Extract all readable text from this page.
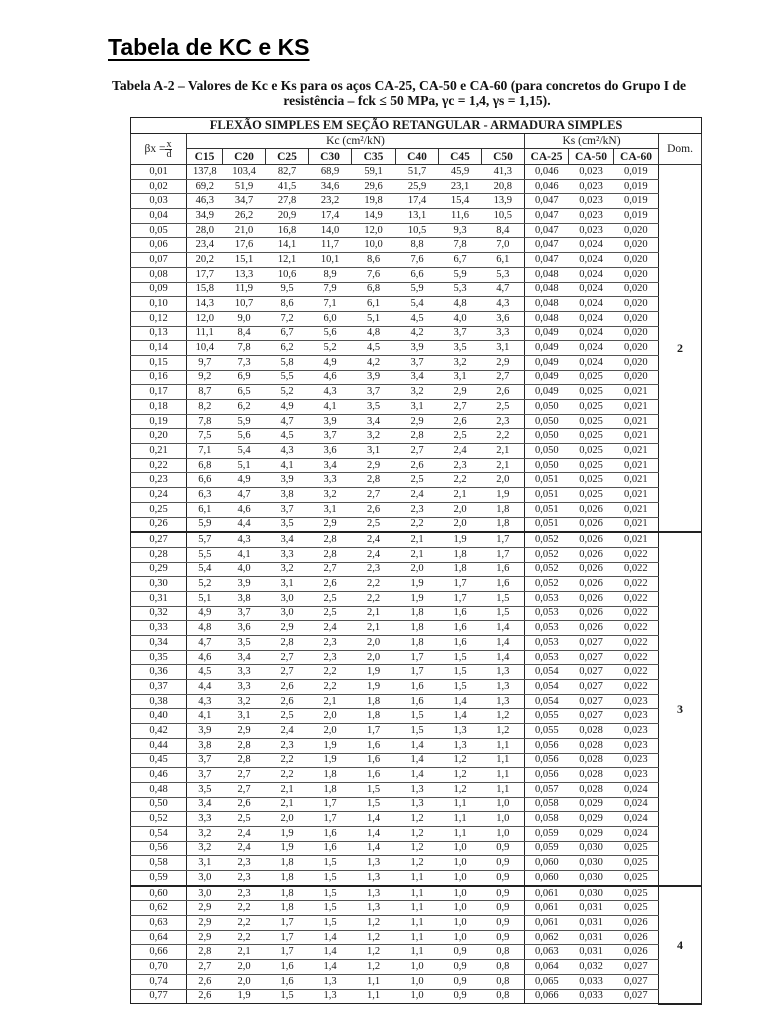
Tabela de KC e KS
Tabela A-2 – Valores de Kc e Ks para os aços CA-25, CA-50 e CA-60 (para concretos do Grupo I de
resistência – fck ≤ 50 MPa, γc = 1,4, γs = 1,15).
FLEXÃO SIMPLES EM SEÇÃO RETANGULAR - ARMADURA SIMPLES												
$\beta x = \frac{x}{d}$	Kc (cm²/kN)								Ks (cm²/kN)			Dom.
	C15	C20	C25	C30	C35	C40	C45	C50	CA-25	CA-50	CA-60	
0,01	137,8	103,4	82,7	68,9	59,1	51,7	45,9	41,3	0,046	0,023	0,019	2
0,02	69,2	51,9	41,5	34,6	29,6	25,9	23,1	20,8	0,046	0,023	0,019	
0,03	46,3	34,7	27,8	23,2	19,8	17,4	15,4	13,9	0,047	0,023	0,019	
0,04	34,9	26,2	20,9	17,4	14,9	13,1	11,6	10,5	0,047	0,023	0,019	
0,05	28,0	21,0	16,8	14,0	12,0	10,5	9,3	8,4	0,047	0,023	0,020	
0,06	23,4	17,6	14,1	11,7	10,0	8,8	7,8	7,0	0,047	0,024	0,020	
0,07	20,2	15,1	12,1	10,1	8,6	7,6	6,7	6,1	0,047	0,024	0,020	
0,08	17,7	13,3	10,6	8,9	7,6	6,6	5,9	5,3	0,048	0,024	0,020	
0,09	15,8	11,9	9,5	7,9	6,8	5,9	5,3	4,7	0,048	0,024	0,020	
0,10	14,3	10,7	8,6	7,1	6,1	5,4	4,8	4,3	0,048	0,024	0,020	
0,12	12,0	9,0	7,2	6,0	5,1	4,5	4,0	3,6	0,048	0,024	0,020	
0,13	11,1	8,4	6,7	5,6	4,8	4,2	3,7	3,3	0,049	0,024	0,020	
0,14	10,4	7,8	6,2	5,2	4,5	3,9	3,5	3,1	0,049	0,024	0,020	
0,15	9,7	7,3	5,8	4,9	4,2	3,7	3,2	2,9	0,049	0,024	0,020	
0,16	9,2	6,9	5,5	4,6	3,9	3,4	3,1	2,7	0,049	0,025	0,020	
0,17	8,7	6,5	5,2	4,3	3,7	3,2	2,9	2,6	0,049	0,025	0,021	
0,18	8,2	6,2	4,9	4,1	3,5	3,1	2,7	2,5	0,050	0,025	0,021	
0,19	7,8	5,9	4,7	3,9	3,4	2,9	2,6	2,3	0,050	0,025	0,021	
0,20	7,5	5,6	4,5	3,7	3,2	2,8	2,5	2,2	0,050	0,025	0,021	
0,21	7,1	5,4	4,3	3,6	3,1	2,7	2,4	2,1	0,050	0,025	0,021	
0,22	6,8	5,1	4,1	3,4	2,9	2,6	2,3	2,1	0,050	0,025	0,021	
0,23	6,6	4,9	3,9	3,3	2,8	2,5	2,2	2,0	0,051	0,025	0,021	
0,24	6,3	4,7	3,8	3,2	2,7	2,4	2,1	1,9	0,051	0,025	0,021	
0,25	6,1	4,6	3,7	3,1	2,6	2,3	2,0	1,8	0,051	0,026	0,021	
0,26	5,9	4,4	3,5	2,9	2,5	2,2	2,0	1,8	0,051	0,026	0,021	
0,27	5,7	4,3	3,4	2,8	2,4	2,1	1,9	1,7	0,052	0,026	0,021	3
0,28	5,5	4,1	3,3	2,8	2,4	2,1	1,8	1,7	0,052	0,026	0,022	
0,29	5,4	4,0	3,2	2,7	2,3	2,0	1,8	1,6	0,052	0,026	0,022	
0,30	5,2	3,9	3,1	2,6	2,2	1,9	1,7	1,6	0,052	0,026	0,022	
0,31	5,1	3,8	3,0	2,5	2,2	1,9	1,7	1,5	0,053	0,026	0,022	
0,32	4,9	3,7	3,0	2,5	2,1	1,8	1,6	1,5	0,053	0,026	0,022	
0,33	4,8	3,6	2,9	2,4	2,1	1,8	1,6	1,4	0,053	0,026	0,022	
0,34	4,7	3,5	2,8	2,3	2,0	1,8	1,6	1,4	0,053	0,027	0,022	
0,35	4,6	3,4	2,7	2,3	2,0	1,7	1,5	1,4	0,053	0,027	0,022	
0,36	4,5	3,3	2,7	2,2	1,9	1,7	1,5	1,3	0,054	0,027	0,022	
0,37	4,4	3,3	2,6	2,2	1,9	1,6	1,5	1,3	0,054	0,027	0,022	
0,38	4,3	3,2	2,6	2,1	1,8	1,6	1,4	1,3	0,054	0,027	0,023	
0,40	4,1	3,1	2,5	2,0	1,8	1,5	1,4	1,2	0,055	0,027	0,023	
0,42	3,9	2,9	2,4	2,0	1,7	1,5	1,3	1,2	0,055	0,028	0,023	
0,44	3,8	2,8	2,3	1,9	1,6	1,4	1,3	1,1	0,056	0,028	0,023	
0,45	3,7	2,8	2,2	1,9	1,6	1,4	1,2	1,1	0,056	0,028	0,023	
0,46	3,7	2,7	2,2	1,8	1,6	1,4	1,2	1,1	0,056	0,028	0,023	
0,48	3,5	2,7	2,1	1,8	1,5	1,3	1,2	1,1	0,057	0,028	0,024	
0,50	3,4	2,6	2,1	1,7	1,5	1,3	1,1	1,0	0,058	0,029	0,024	
0,52	3,3	2,5	2,0	1,7	1,4	1,2	1,1	1,0	0,058	0,029	0,024	
0,54	3,2	2,4	1,9	1,6	1,4	1,2	1,1	1,0	0,059	0,029	0,024	
0,56	3,2	2,4	1,9	1,6	1,4	1,2	1,0	0,9	0,059	0,030	0,025	
0,58	3,1	2,3	1,8	1,5	1,3	1,2	1,0	0,9	0,060	0,030	0,025	
0,59	3,0	2,3	1,8	1,5	1,3	1,1	1,0	0,9	0,060	0,030	0,025	
0,60	3,0	2,3	1,8	1,5	1,3	1,1	1,0	0,9	0,061	0,030	0,025	4
0,62	2,9	2,2	1,8	1,5	1,3	1,1	1,0	0,9	0,061	0,031	0,025	
0,63	2,9	2,2	1,7	1,5	1,2	1,1	1,0	0,9	0,061	0,031	0,026	
0,64	2,9	2,2	1,7	1,4	1,2	1,1	1,0	0,9	0,062	0,031	0,026	
0,66	2,8	2,1	1,7	1,4	1,2	1,1	0,9	0,8	0,063	0,031	0,026	
0,70	2,7	2,0	1,6	1,4	1,2	1,0	0,9	0,8	0,064	0,032	0,027	
0,74	2,6	2,0	1,6	1,3	1,1	1,0	0,9	0,8	0,065	0,033	0,027	
0,77	2,6	1,9	1,5	1,3	1,1	1,0	0,9	0,8	0,066	0,033	0,027	
